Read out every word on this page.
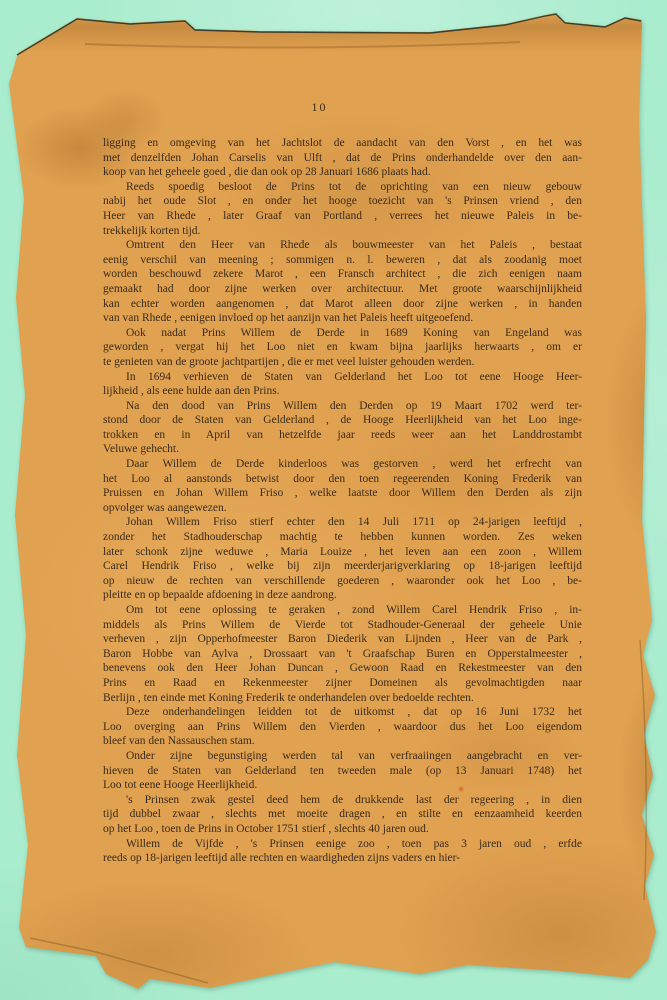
10
ligging en omgeving van het Jachtslot de aandacht van den Vorst , en het was
met denzelfden Johan Carselis van Ulft , dat de Prins onderhandelde over den aan-
koop van het geheele goed , die dan ook op 28 Januari 1686 plaats had.
Reeds spoedig besloot de Prins tot de oprichting van een nieuw gebouw
nabij het oude Slot , en onder het hooge toezicht van 's Prinsen vriend , den
Heer van Rhede , later Graaf van Portland , verrees het nieuwe Paleis in be-
trekkelijk korten tijd.
Omtrent den Heer van Rhede als bouwmeester van het Paleis , bestaat
eenig verschil van meening ; sommigen n. l. beweren , dat als zoodanig moet
worden beschouwd zekere Marot , een Fransch architect , die zich eenigen naam
gemaakt had door zijne werken over architectuur. Met groote waarschijnlijkheid
kan echter worden aangenomen , dat Marot alleen door zijne werken , in handen
van van Rhede , eenigen invloed op het aanzijn van het Paleis heeft uitgeoefend.
Ook nadat Prins Willem de Derde in 1689 Koning van Engeland was
geworden , vergat hij het Loo niet en kwam bijna jaarlijks herwaarts , om er
te genieten van de groote jachtpartijen , die er met veel luister gehouden werden.
In 1694 verhieven de Staten van Gelderland het Loo tot eene Hooge Heer-
lijkheid , als eene hulde aan den Prins.
Na den dood van Prins Willem den Derden op 19 Maart 1702 werd ter-
stond door de Staten van Gelderland , de Hooge Heerlijkheid van het Loo inge-
trokken en in April van hetzelfde jaar reeds weer aan het Landdrostambt
Veluwe gehecht.
Daar Willem de Derde kinderloos was gestorven , werd het erfrecht van
het Loo al aanstonds betwist door den toen regeerenden Koning Frederik van
Pruissen en Johan Willem Friso , welke laatste door Willem den Derden als zijn
opvolger was aangewezen.
Johan Willem Friso stierf echter den 14 Juli 1711 op 24-jarigen leeftijd ,
zonder het Stadhouderschap machtig te hebben kunnen worden. Zes weken
later schonk zijne weduwe , Maria Louize , het leven aan een zoon , Willem
Carel Hendrik Friso , welke bij zijn meerderjarigverklaring op 18-jarigen leeftijd
op nieuw de rechten van verschillende goederen , waaronder ook het Loo , be-
pleitte en op bepaalde afdoening in deze aandrong.
Om tot eene oplossing te geraken , zond Willem Carel Hendrik Friso , in-
middels als Prins Willem de Vierde tot Stadhouder-Generaal der geheele Unie
verheven , zijn Opperhofmeester Baron Diederik van Lijnden , Heer van de Park ,
Baron Hobbe van Aylva , Drossaart van 't Graafschap Buren en Opperstalmeester ,
benevens ook den Heer Johan Duncan , Gewoon Raad en Rekestmeester van den
Prins en Raad en Rekenmeester zijner Domeinen als gevolmachtigden naar
Berlijn , ten einde met Koning Frederik te onderhandelen over bedoelde rechten.
Deze onderhandelingen leidden tot de uitkomst , dat op 16 Juni 1732 het
Loo overging aan Prins Willem den Vierden , waardoor dus het Loo eigendom
bleef van den Nassauschen stam.
Onder zijne begunstiging werden tal van verfraaiingen aangebracht en ver-
hieven de Staten van Gelderland ten tweeden male (op 13 Januari 1748) het
Loo tot eene Hooge Heerlijkheid.
's Prinsen zwak gestel deed hem de drukkende last der regeering , in dien
tijd dubbel zwaar , slechts met moeite dragen , en stilte en eenzaamheid keerden
op het Loo , toen de Prins in October 1751 stierf , slechts 40 jaren oud.
Willem de Vijfde , 's Prinsen eenige zoo , toen pas 3 jaren oud , erfde
reeds op 18-jarigen leeftijd alle rechten en waardigheden zijns vaders en hier-
